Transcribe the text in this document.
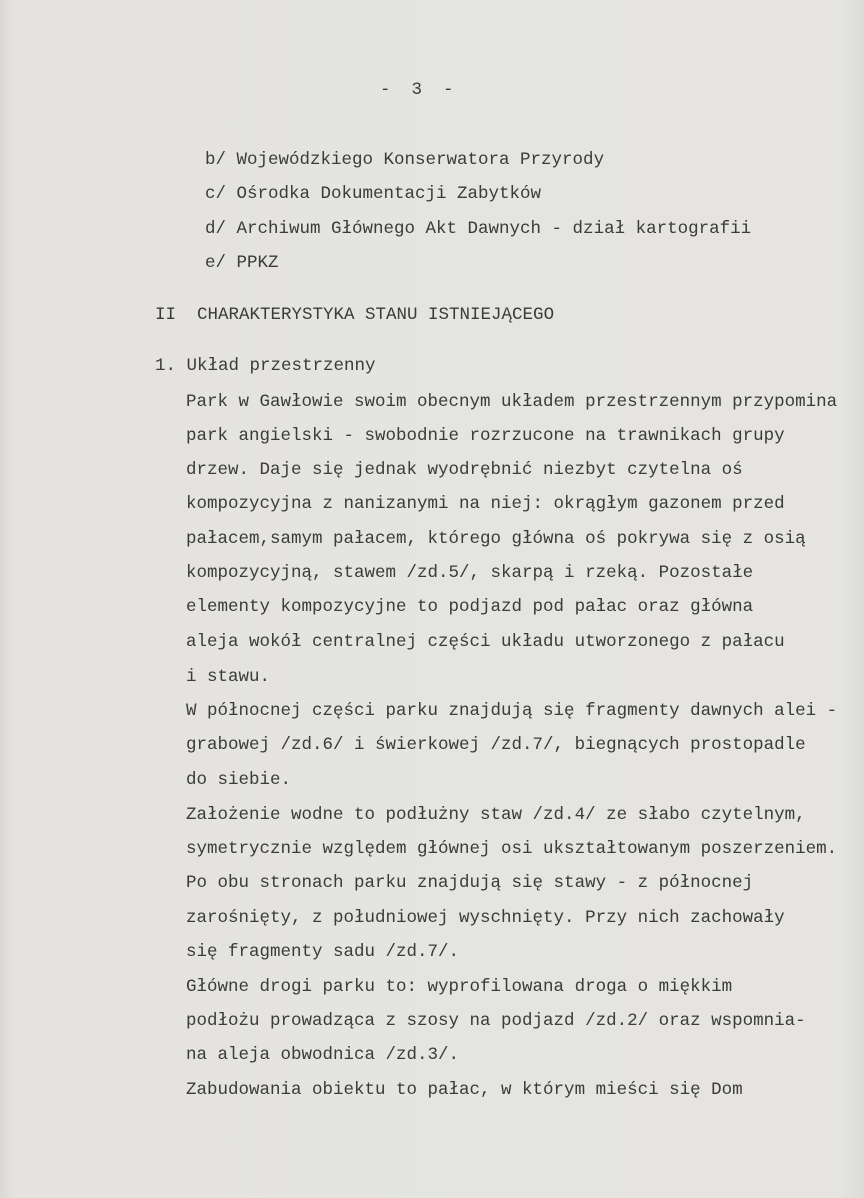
-  3  -
b/ Wojewódzkiego Konserwatora Przyrody
c/ Ośrodka Dokumentacji Zabytków
d/ Archiwum Głównego Akt Dawnych - dział kartografii
e/ PPKZ
II  CHARAKTERYSTYKA STANU ISTNIEJĄCEGO
1. Układ przestrzenny
Park w Gawłowie swoim obecnym układem przestrzennym przypomina
park angielski - swobodnie rozrzucone na trawnikach grupy
drzew. Daje się jednak wyodrębnić niezbyt czytelna oś
kompozycyjna z nanizanymi na niej: okrągłym gazonem przed
pałacem,samym pałacem, którego główna oś pokrywa się z osią
kompozycyjną, stawem /zd.5/, skarpą i rzeką. Pozostałe
elementy kompozycyjne to podjazd pod pałac oraz główna
aleja wokół centralnej części układu utworzonego z pałacu
i stawu.
W północnej części parku znajdują się fragmenty dawnych alei -
grabowej /zd.6/ i świerkowej /zd.7/, biegnących prostopadle
do siebie.
Założenie wodne to podłużny staw /zd.4/ ze słabo czytelnym,
symetrycznie względem głównej osi ukształtowanym poszerzeniem.
Po obu stronach parku znajdują się stawy - z północnej
zarośnięty, z południowej wyschnięty. Przy nich zachowały
się fragmenty sadu /zd.7/.
Główne drogi parku to: wyprofilowana droga o miękkim
podłożu prowadząca z szosy na podjazd /zd.2/ oraz wspomnia-
na aleja obwodnica /zd.3/.
Zabudowania obiektu to pałac, w którym mieści się Dom
